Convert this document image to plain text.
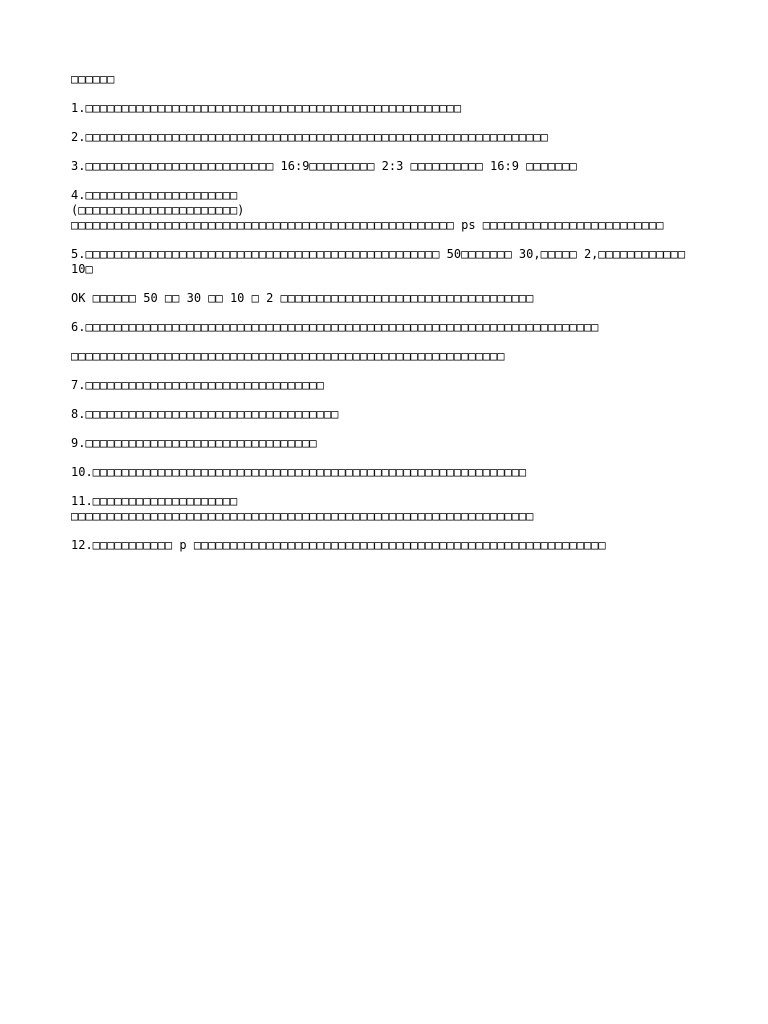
□□□□□□
1.□□□□□□□□□□□□□□□□□□□□□□□□□□□□□□□□□□□□□□□□□□□□□□□□□□□□
2.□□□□□□□□□□□□□□□□□□□□□□□□□□□□□□□□□□□□□□□□□□□□□□□□□□□□□□□□□□□□□□□□
3.□□□□□□□□□□□□□□□□□□□□□□□□□□ 16:9□□□□□□□□□ 2:3 □□□□□□□□□□ 16:9 □□□□□□□
4.□□□□□□□□□□□□□□□□□□□□□
(□□□□□□□□□□□□□□□□□□□□□□)
□□□□□□□□□□□□□□□□□□□□□□□□□□□□□□□□□□□□□□□□□□□□□□□□□□□□□ ps □□□□□□□□□□□□□□□□□□□□□□□□□
5.□□□□□□□□□□□□□□□□□□□□□□□□□□□□□□□□□□□□□□□□□□□□□□□□□ 50□□□□□□□ 30,□□□□□ 2,□□□□□□□□□□□□ 10□
OK □□□□□□ 50 □□ 30 □□ 10 □ 2 □□□□□□□□□□□□□□□□□□□□□□□□□□□□□□□□□□□
6.□□□□□□□□□□□□□□□□□□□□□□□□□□□□□□□□□□□□□□□□□□□□□□□□□□□□□□□□□□□□□□□□□□□□□□□
□□□□□□□□□□□□□□□□□□□□□□□□□□□□□□□□□□□□□□□□□□□□□□□□□□□□□□□□□□□□
7.□□□□□□□□□□□□□□□□□□□□□□□□□□□□□□□□□
8.□□□□□□□□□□□□□□□□□□□□□□□□□□□□□□□□□□□
9.□□□□□□□□□□□□□□□□□□□□□□□□□□□□□□□□
10.□□□□□□□□□□□□□□□□□□□□□□□□□□□□□□□□□□□□□□□□□□□□□□□□□□□□□□□□□□□□
11.□□□□□□□□□□□□□□□□□□□□
□□□□□□□□□□□□□□□□□□□□□□□□□□□□□□□□□□□□□□□□□□□□□□□□□□□□□□□□□□□□□□□□
12.□□□□□□□□□□□ p □□□□□□□□□□□□□□□□□□□□□□□□□□□□□□□□□□□□□□□□□□□□□□□□□□□□□□□□□
